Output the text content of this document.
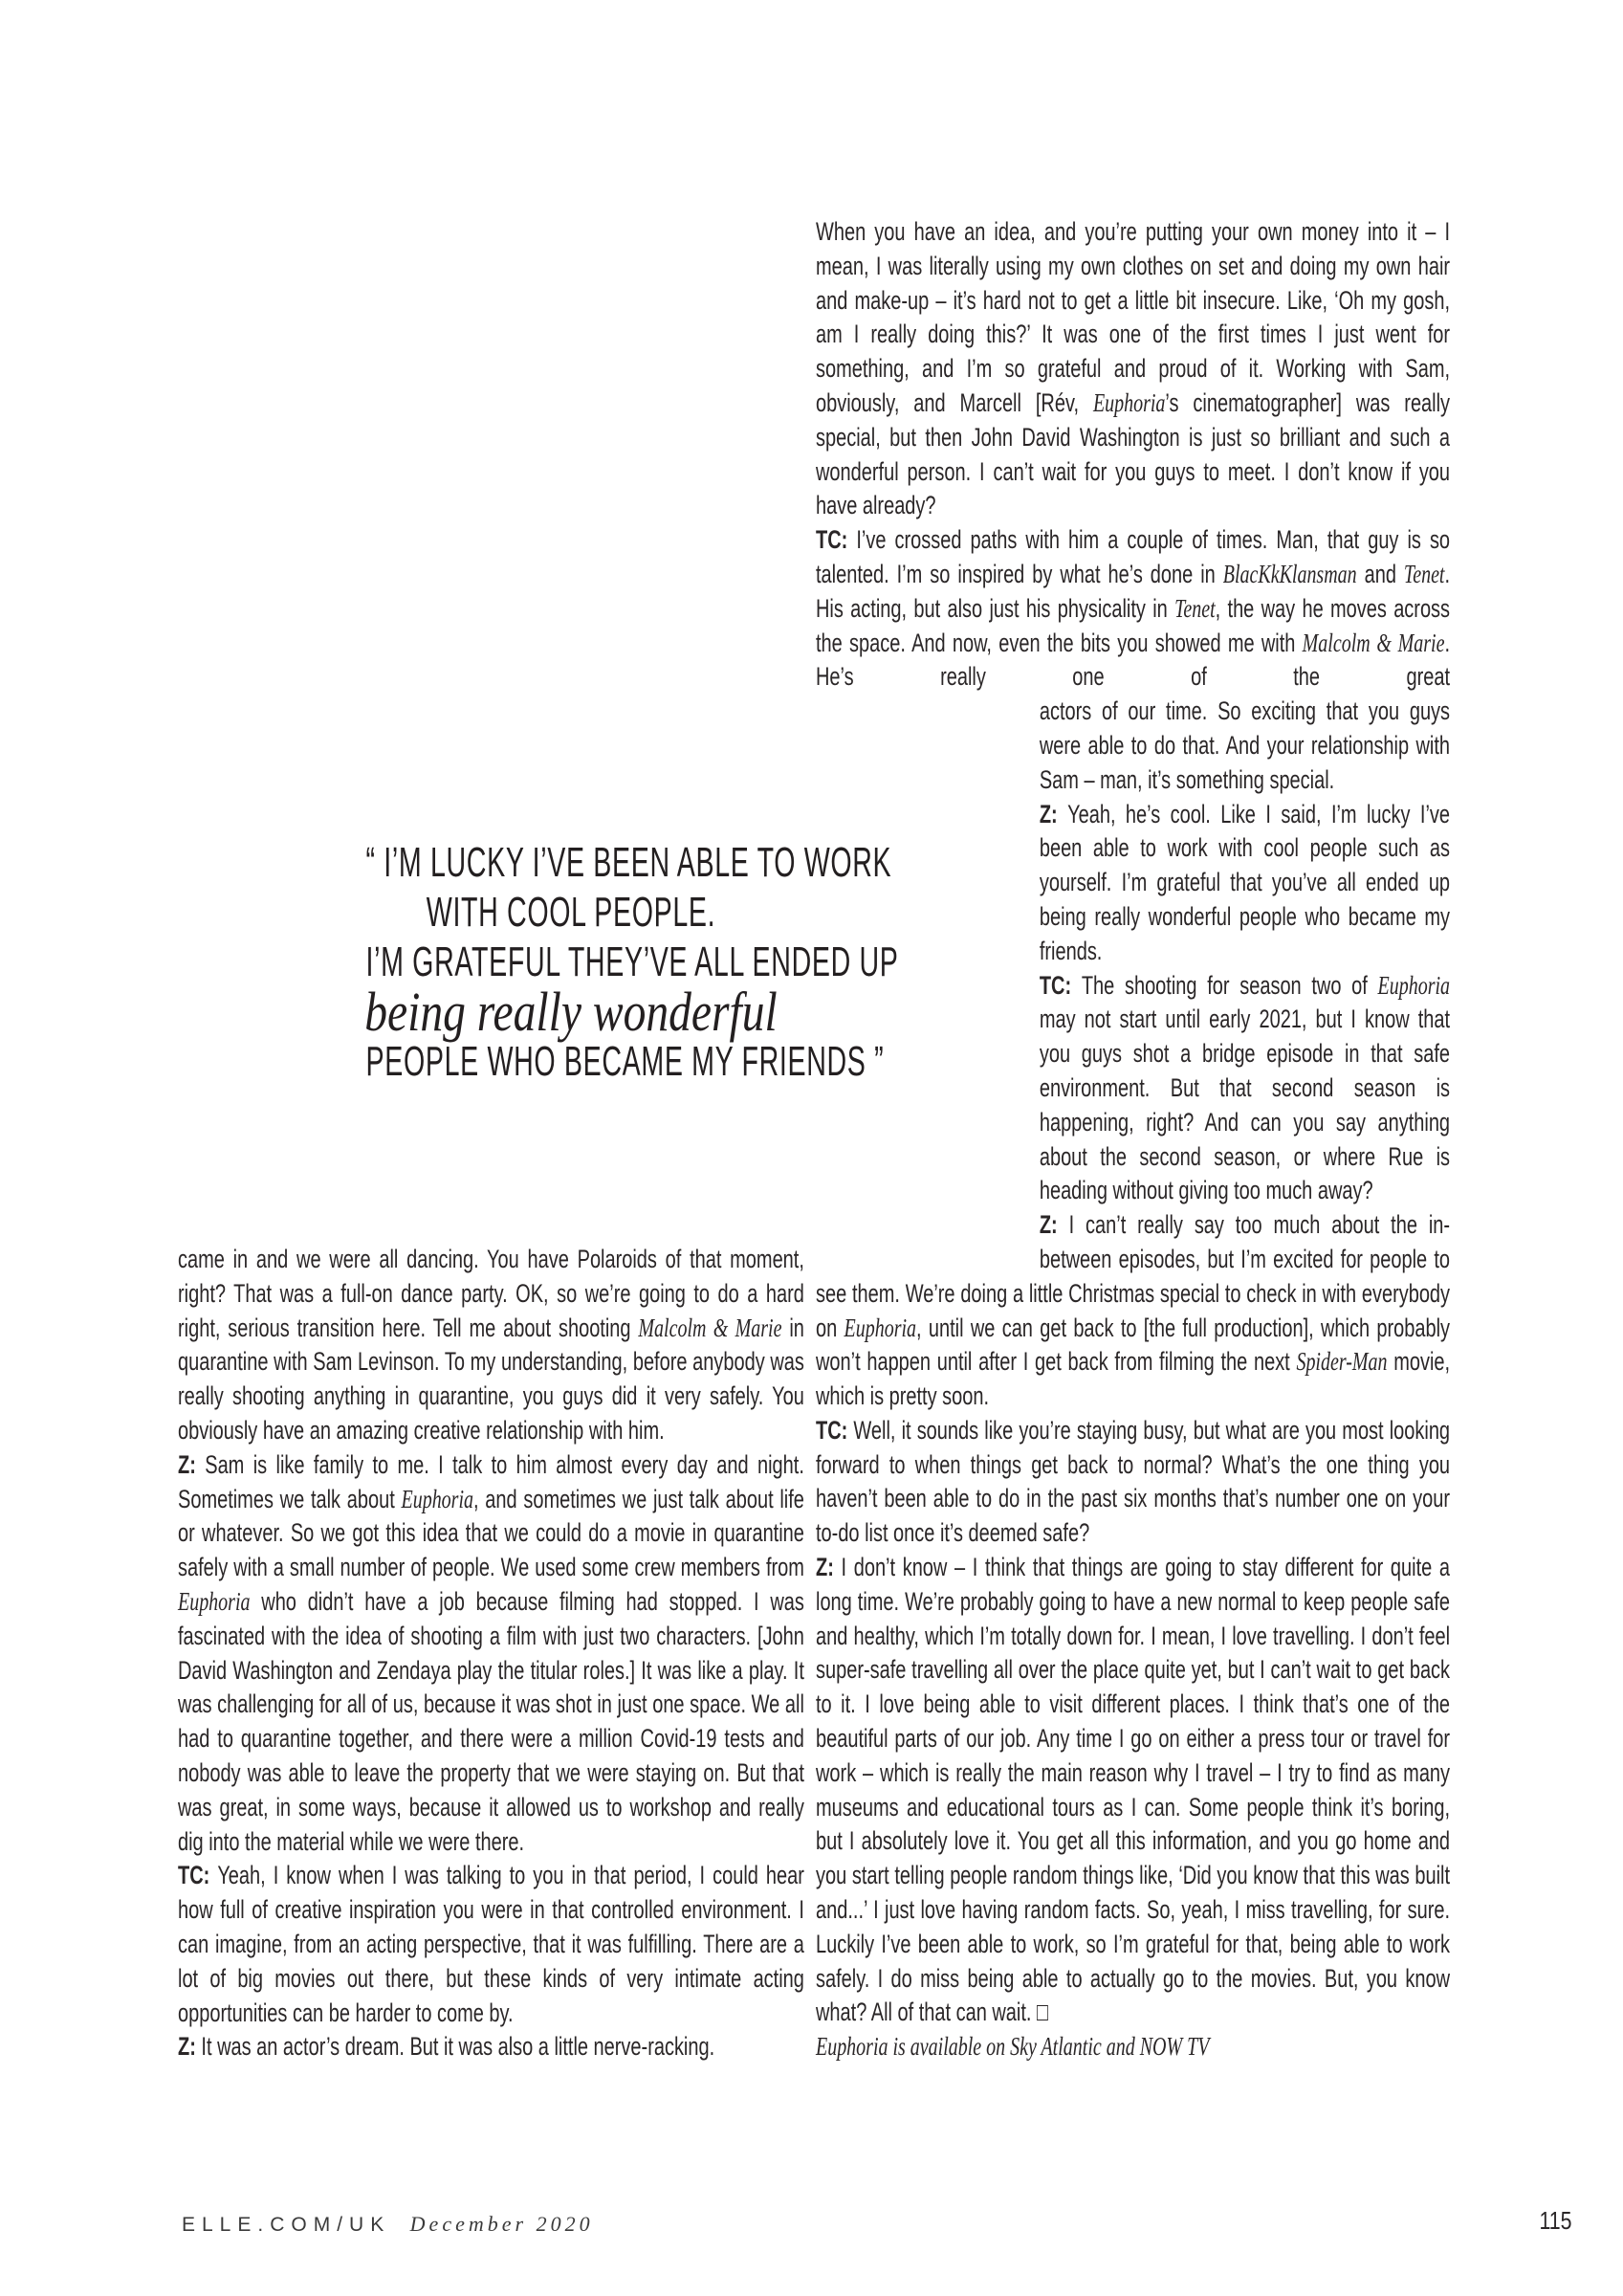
When you have an idea, and you’re putting your own money into it – I mean, I was literally using my own clothes on set and doing my own hair and make-up – it’s hard not to get a little bit insecure. Like, ‘Oh my gosh, am I really doing this?’ It was one of the first times I just went for something, and I’m so grateful and proud of it. Working with Sam, obviously, and Marcell [Rév, Euphoria’s cinematographer] was really special, but then John David Washington is just so brilliant and such a wonderful person. I can’t wait for you guys to meet. I don’t know if you have already?

TC: I’ve crossed paths with him a couple of times. Man, that guy is so talented. I’m so inspired by what he’s done in BlacKkKlansman and Tenet. His acting, but also just his physicality in Tenet, the way he moves across the space. And now, even the bits you showed me with Malcolm & Marie. He’s really one of the great

actors of our time. So exciting that you guys were able to do that. And your relationship with Sam – man, it’s something special.

Z: Yeah, he’s cool. Like I said, I’m lucky I’ve been able to work with cool people such as yourself. I’m grateful that you’ve all ended up being really wonderful people who became my friends.

TC: The shooting for season two of Euphoria may not start until early 2021, but I know that you guys shot a bridge episode in that safe environment. But that second season is happening, right? And can you say anything about the second season, or where Rue is heading without giving too much away?

Z: I can’t really say too much about the in-between episodes, but I’m excited for people to see them. We’re doing a little Christmas special to check in with everybody on Euphoria, until we can get back to [the full production], which probably won’t happen until after I get back from filming the next Spider-Man movie, which is pretty soon.

TC: Well, it sounds like you’re staying busy, but what are you most looking forward to when things get back to normal? What’s the one thing you haven’t been able to do in the past six months that’s number one on your to-do list once it’s deemed safe?

Z: I don’t know – I think that things are going to stay different for quite a long time. We’re probably going to have a new normal to keep people safe and healthy, which I’m totally down for. I mean, I love travelling. I don’t feel super-safe travelling all over the place quite yet, but I can’t wait to get back to it. I love being able to visit different places. I think that’s one of the beautiful parts of our job. Any time I go on either a press tour or travel for work – which is really the main reason why I travel – I try to find as many museums and educational tours as I can. Some people think it’s boring, but I absolutely love it. You get all this information, and you go home and you start telling people random things like, ‘Did you know that this was built and...’ I just love having random facts. So, yeah, I miss travelling, for sure. Luckily I’ve been able to work, so I’m grateful for that, being able to work safely. I do miss being able to actually go to the movies. But, you know what? All of that can wait. □

Euphoria is available on Sky Atlantic and NOW TV

“ I’M LUCKY I’VE BEEN ABLE TO WORK
WITH COOL PEOPLE.
I’M GRATEFUL THEY’VE ALL ENDED UP
being really wonderful
PEOPLE WHO BECAME MY FRIENDS ”

came in and we were all dancing. You have Polaroids of that moment, right? That was a full-on dance party. OK, so we’re going to do a hard right, serious transition here. Tell me about shooting Malcolm & Marie in quarantine with Sam Levinson. To my understanding, before anybody was really shooting anything in quarantine, you guys did it very safely. You obviously have an amazing creative relationship with him.

Z: Sam is like family to me. I talk to him almost every day and night. Sometimes we talk about Euphoria, and sometimes we just talk about life or whatever. So we got this idea that we could do a movie in quarantine safely with a small number of people. We used some crew members from Euphoria who didn’t have a job because filming had stopped. I was fascinated with the idea of shooting a film with just two characters. [John David Washington and Zendaya play the titular roles.] It was like a play. It was challenging for all of us, because it was shot in just one space. We all had to quarantine together, and there were a million Covid-19 tests and nobody was able to leave the property that we were staying on. But that was great, in some ways, because it allowed us to workshop and really dig into the material while we were there.

TC: Yeah, I know when I was talking to you in that period, I could hear how full of creative inspiration you were in that controlled environment. I can imagine, from an acting perspective, that it was fulfilling. There are a lot of big movies out there, but these kinds of very intimate acting opportunities can be harder to come by.

Z: It was an actor’s dream. But it was also a little nerve-racking.

ELLE.COM/UK December 2020	115
